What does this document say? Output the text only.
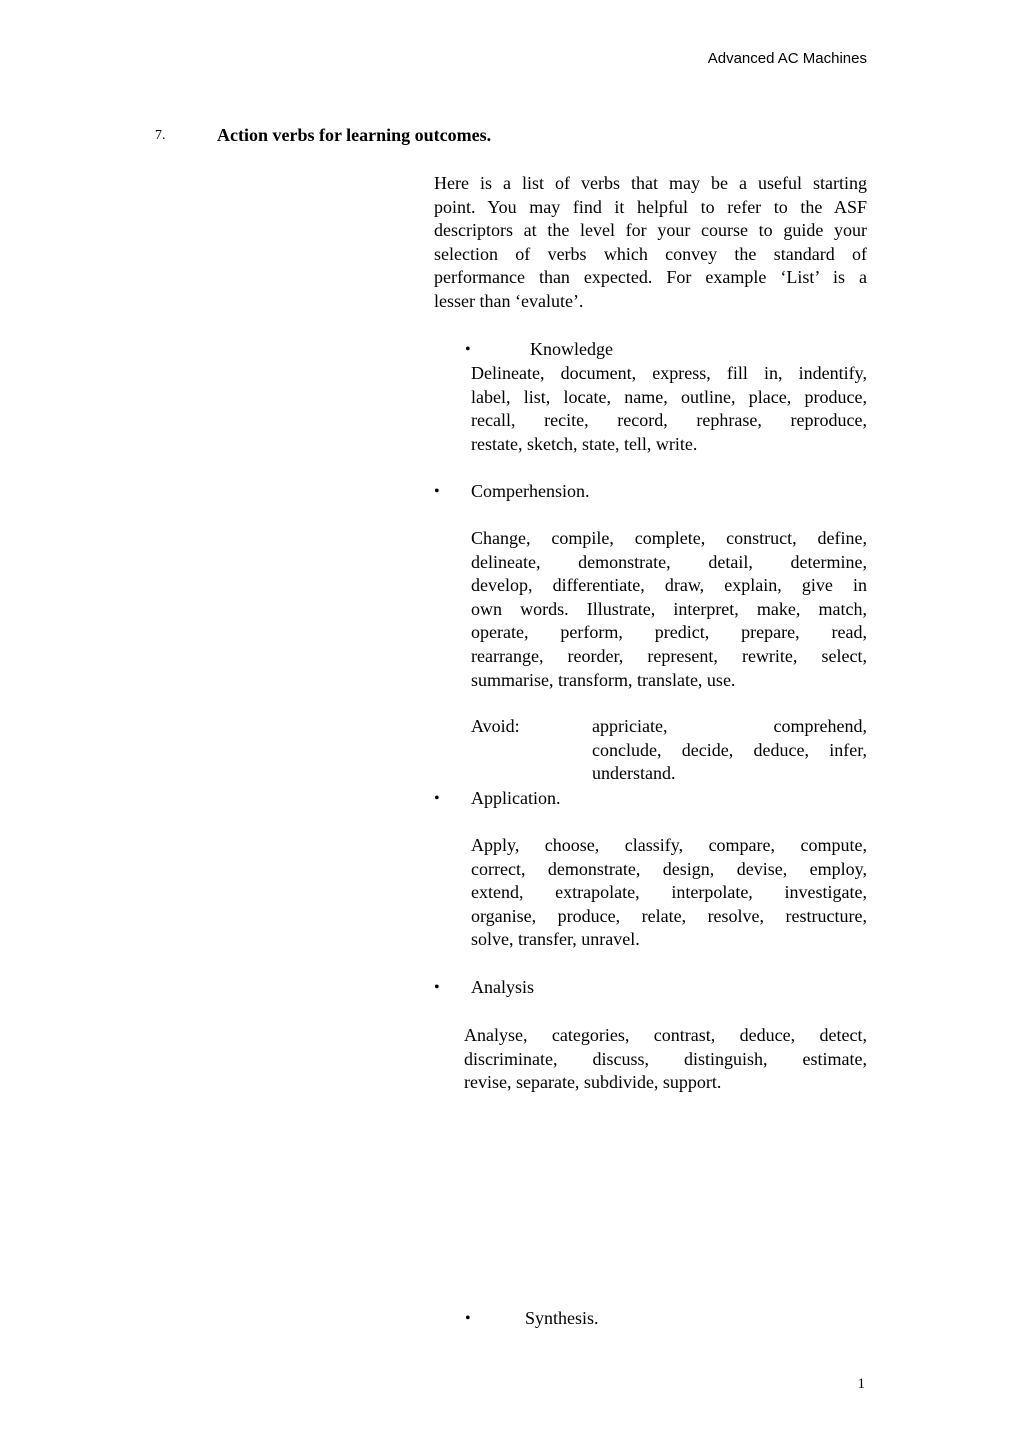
Advanced AC Machines
7.	Action verbs for learning outcomes.
Here is a list of verbs that may be a useful starting
point. You may find it helpful to refer to the ASF
descriptors at the level for your course to guide your
selection of verbs which convey the standard of
performance than expected. For example ‘List’ is a
lesser than ‘evalute’.
•	Knowledge
Delineate, document, express, fill in, indentify,
label, list, locate, name, outline, place, produce,
recall, recite, record, rephrase, reproduce,
restate, sketch, state, tell, write.
• Comperhension.
Change, compile, complete, construct, define,
delineate, demonstrate, detail, determine,
develop, differentiate, draw, explain, give in
own words. Illustrate, interpret, make, match,
operate, perform, predict, prepare, read,
rearrange, reorder, represent, rewrite, select,
summarise, transform, translate, use.
Avoid:	appriciate, comprehend,
conclude, decide, deduce, infer,
understand.
• Application.
Apply, choose, classify, compare, compute,
correct, demonstrate, design, devise, employ,
extend, extrapolate, interpolate, investigate,
organise, produce, relate, resolve, restructure,
solve, transfer, unravel.
• Analysis
Analyse, categories, contrast, deduce, detect,
discriminate, discuss, distinguish, estimate,
revise, separate, subdivide, support.
•	Synthesis.
1
